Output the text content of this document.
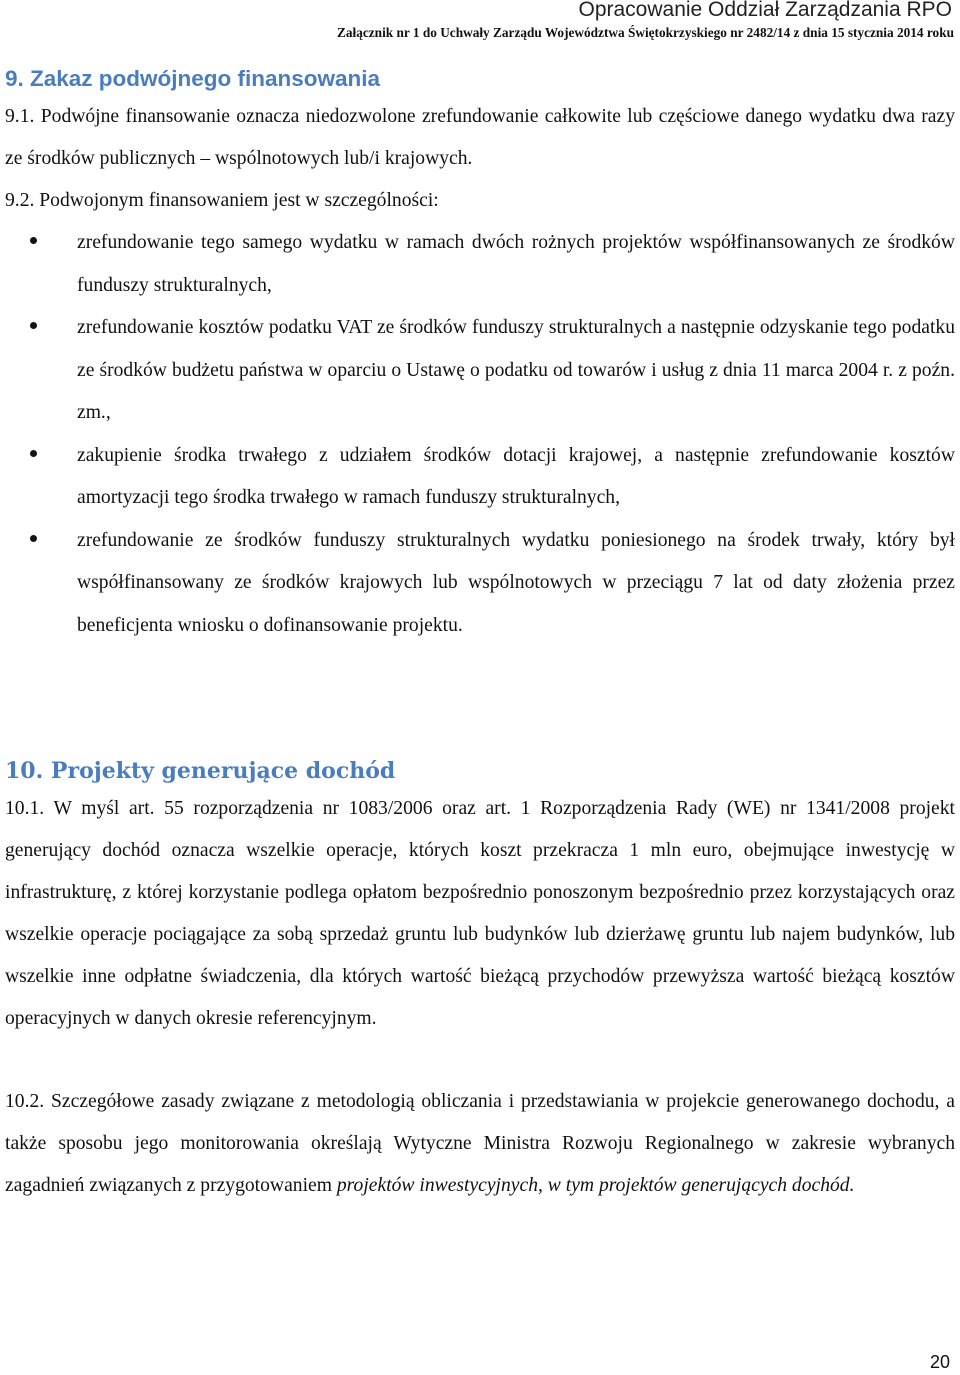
Opracowanie Oddział Zarządzania RPO
Załącznik nr 1 do Uchwały Zarządu Województwa Świętokrzyskiego nr 2482/14 z dnia 15 stycznia 2014 roku
9. Zakaz podwójnego finansowania

9.1. Podwójne finansowanie oznacza niedozwolone zrefundowanie całkowite lub częściowe danego wydatku dwa razy ze środków publicznych – wspólnotowych lub/i krajowych.

9.2. Podwojonym finansowaniem jest w szczególności:

zrefundowanie tego samego wydatku w ramach dwóch rożnych projektów współfinansowanych ze środków funduszy strukturalnych,
zrefundowanie kosztów podatku VAT ze środków funduszy strukturalnych a następnie odzyskanie tego podatku ze środków budżetu państwa w oparciu o Ustawę o podatku od towarów i usług z dnia 11 marca 2004 r. z poźn. zm.,
zakupienie środka trwałego z udziałem środków dotacji krajowej, a następnie zrefundowanie kosztów amortyzacji tego środka trwałego w ramach funduszy strukturalnych,
zrefundowanie ze środków funduszy strukturalnych wydatku poniesionego na środek trwały, który był współfinansowany ze środków krajowych lub wspólnotowych w przeciągu 7 lat od daty złożenia przez beneficjenta wniosku o dofinansowanie projektu.
10. Projekty generujące dochód

10.1. W myśl art. 55 rozporządzenia nr 1083/2006 oraz art. 1 Rozporządzenia Rady (WE) nr 1341/2008 projekt generujący dochód oznacza wszelkie operacje, których koszt przekracza 1 mln euro, obejmujące inwestycję w infrastrukturę, z której korzystanie podlega opłatom bezpośrednio ponoszonym bezpośrednio przez korzystających oraz wszelkie operacje pociągające za sobą sprzedaż gruntu lub budynków lub dzierżawę gruntu lub najem budynków, lub wszelkie inne odpłatne świadczenia, dla których wartość bieżącą przychodów przewyższa wartość bieżącą kosztów operacyjnych w danych okresie referencyjnym.

10.2. Szczegółowe zasady związane z metodologią obliczania i przedstawiania w projekcie generowanego dochodu, a także sposobu jego monitorowania określają Wytyczne Ministra Rozwoju Regionalnego w zakresie wybranych zagadnień związanych z przygotowaniem projektów inwestycyjnych, w tym projektów generujących dochód.

20
